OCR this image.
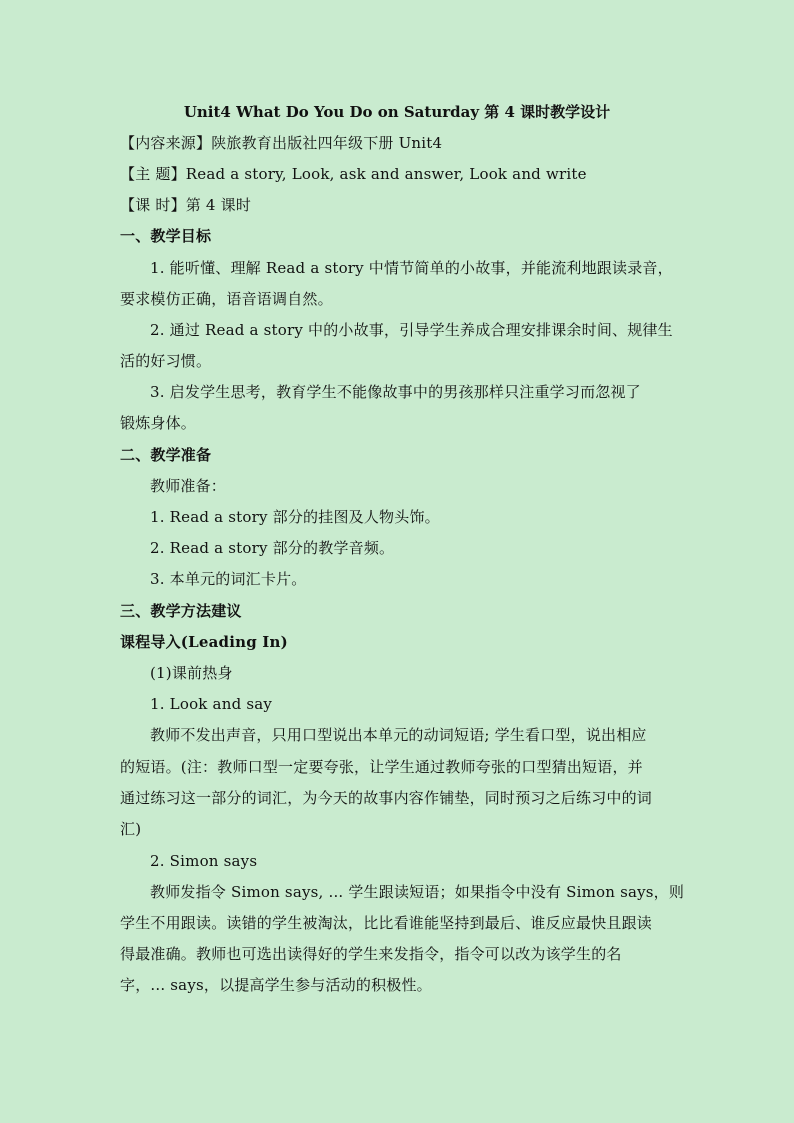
Unit4 What Do You Do on Saturday 第 4 课时教学设计
【内容来源】陕旅教育出版社四年级下册 Unit4
【主 题】Read a story, Look, ask and answer, Look and write
【课 时】第 4 课时
一、教学目标
1. 能听懂、理解 Read a story 中情节简单的小故事，并能流利地跟读录音，
要求模仿正确，语音语调自然。
2. 通过 Read a story 中的小故事，引导学生养成合理安排课余时间、规律生
活的好习惯。
3. 启发学生思考，教育学生不能像故事中的男孩那样只注重学习而忽视了
锻炼身体。
二、教学准备
教师准备：
1. Read a story 部分的挂图及人物头饰。
2. Read a story 部分的教学音频。
3. 本单元的词汇卡片。
三、教学方法建议
课程导入(Leading In)
(1)课前热身
1. Look and say
教师不发出声音，只用口型说出本单元的动词短语; 学生看口型，说出相应
的短语。(注：教师口型一定要夸张，让学生通过教师夸张的口型猜出短语，并
通过练习这一部分的词汇，为今天的故事内容作铺垫，同时预习之后练习中的词
汇)
2. Simon says
教师发指令 Simon says, ... 学生跟读短语；如果指令中没有 Simon says，则
学生不用跟读。读错的学生被淘汰，比比看谁能坚持到最后、谁反应最快且跟读
得最准确。教师也可选出读得好的学生来发指令，指令可以改为该学生的名
字，... says，以提高学生参与活动的积极性。
